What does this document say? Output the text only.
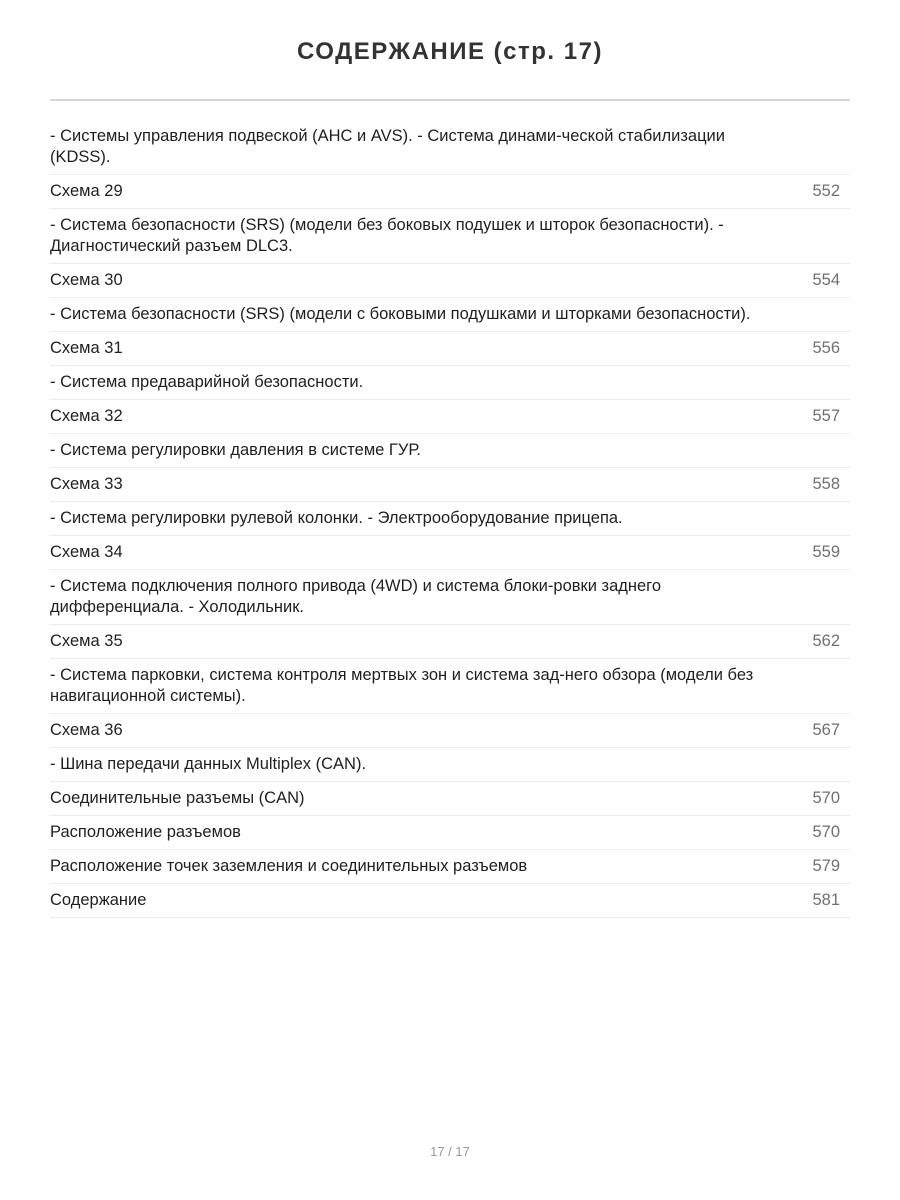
СОДЕРЖАНИЕ (стр. 17)
- Системы управления подвеской (AHC и AVS). - Система динами-ческой стабилизации (KDSS).
Схема 29	552
- Система безопасности (SRS) (модели без боковых подушек и шторок безопасности). - Диагностический разъем DLC3.
Схема 30	554
- Система безопасности (SRS) (модели с боковыми подушками и шторками безопасности).
Схема 31	556
- Система предаварийной безопасности.
Схема 32	557
- Система регулировки давления в системе ГУР.
Схема 33	558
- Система регулировки рулевой колонки. - Электрооборудование прицепа.
Схема 34	559
- Система подключения полного привода (4WD) и система блоки-ровки заднего дифференциала. - Холодильник.
Схема 35	562
- Система парковки, система контроля мертвых зон и система зад-него обзора (модели без навигационной системы).
Схема 36	567
- Шина передачи данных Multiplex (CAN).
Соединительные разъемы (CAN)	570
Расположение разъемов	570
Расположение точек заземления и соединительных разъемов	579
Содержание	581
17 / 17
